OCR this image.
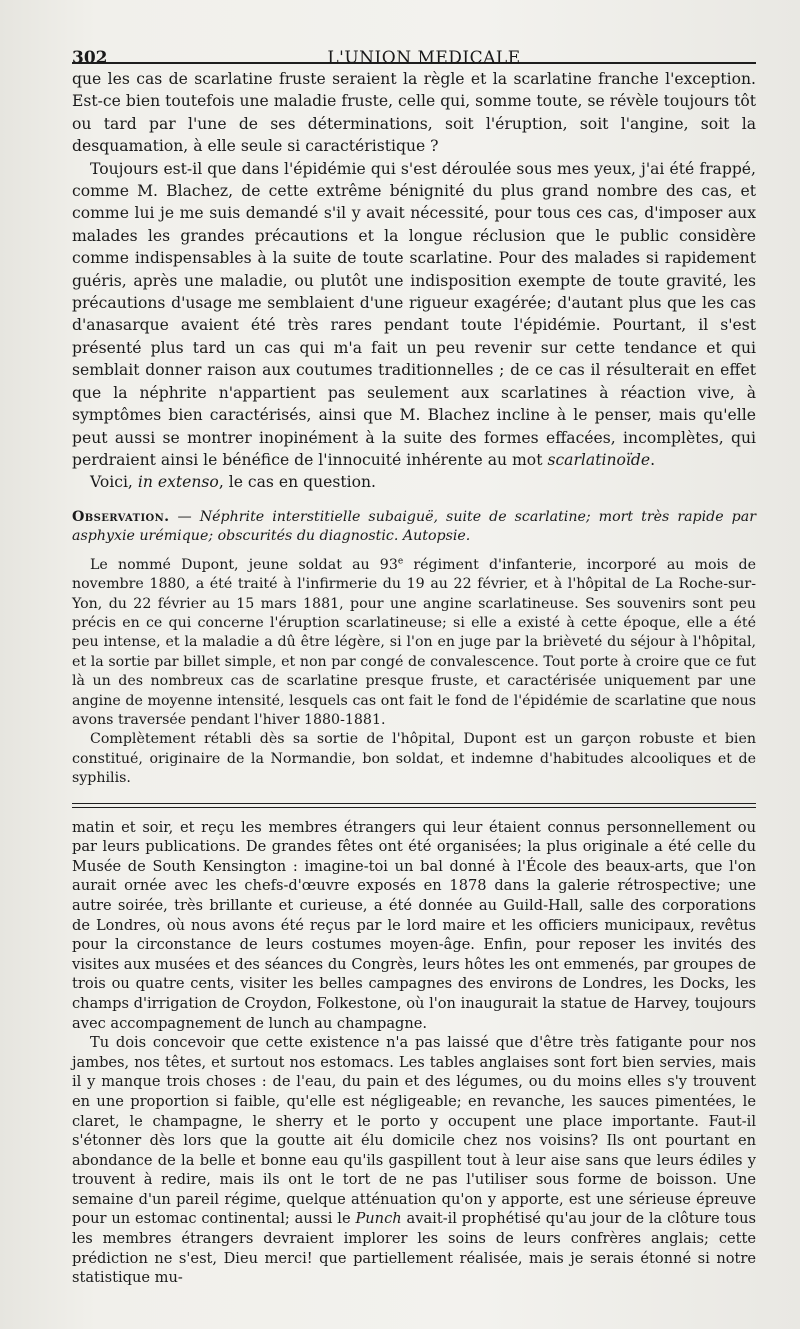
302	L'UNION MEDICALE

que les cas de scarlatine fruste seraient la règle et la scarlatine franche l'exception. Est-ce bien toutefois une maladie fruste, celle qui, somme toute, se révèle toujours tôt ou tard par l'une de ses déterminations, soit l'éruption, soit l'angine, soit la desquamation, à elle seule si caractéristique ?

Toujours est-il que dans l'épidémie qui s'est déroulée sous mes yeux, j'ai été frappé, comme M. Blachez, de cette extrême bénignité du plus grand nombre des cas, et comme lui je me suis demandé s'il y avait nécessité, pour tous ces cas, d'imposer aux malades les grandes précautions et la longue réclusion que le public considère comme indispensables à la suite de toute scarlatine. Pour des malades si rapidement guéris, après une maladie, ou plutôt une indisposition exempte de toute gravité, les précautions d'usage me semblaient d'une rigueur exagérée; d'autant plus que les cas d'anasarque avaient été très rares pendant toute l'épidémie. Pourtant, il s'est présenté plus tard un cas qui m'a fait un peu revenir sur cette tendance et qui semblait donner raison aux coutumes traditionnelles ; de ce cas il résulterait en effet que la néphrite n'appartient pas seulement aux scarlatines à réaction vive, à symptômes bien caractérisés, ainsi que M. Blachez incline à le penser, mais qu'elle peut aussi se montrer inopinément à la suite des formes effacées, incomplètes, qui perdraient ainsi le bénéfice de l'innocuité inhérente au mot scarlatinoïde.

Voici, in extenso, le cas en question.

Observation. — Néphrite interstitielle subaiguë, suite de scarlatine; mort très rapide par asphyxie urémique; obscurités du diagnostic. Autopsie.

Le nommé Dupont, jeune soldat au 93e régiment d'infanterie, incorporé au mois de novembre 1880, a été traité à l'infirmerie du 19 au 22 février, et à l'hôpital de La Roche-sur-Yon, du 22 février au 15 mars 1881, pour une angine scarlatineuse. Ses souvenirs sont peu précis en ce qui concerne l'éruption scarlatineuse; si elle a existé à cette époque, elle a été peu intense, et la maladie a dû être légère, si l'on en juge par la brièveté du séjour à l'hôpital, et la sortie par billet simple, et non par congé de convalescence. Tout porte à croire que ce fut là un des nombreux cas de scarlatine presque fruste, et caractérisée uniquement par une angine de moyenne intensité, lesquels cas ont fait le fond de l'épidémie de scarlatine que nous avons traversée pendant l'hiver 1880-1881.

Complètement rétabli dès sa sortie de l'hôpital, Dupont est un garçon robuste et bien constitué, originaire de la Normandie, bon soldat, et indemne d'habitudes alcooliques et de syphilis.

matin et soir, et reçu les membres étrangers qui leur étaient connus personnellement ou par leurs publications. De grandes fêtes ont été organisées; la plus originale a été celle du Musée de South Kensington : imagine-toi un bal donné à l'École des beaux-arts, que l'on aurait ornée avec les chefs-d'œuvre exposés en 1878 dans la galerie rétrospective; une autre soirée, très brillante et curieuse, a été donnée au Guild-Hall, salle des corporations de Londres, où nous avons été reçus par le lord maire et les officiers municipaux, revêtus pour la circonstance de leurs costumes moyen-âge. Enfin, pour reposer les invités des visites aux musées et des séances du Congrès, leurs hôtes les ont emmenés, par groupes de trois ou quatre cents, visiter les belles campagnes des environs de Londres, les Docks, les champs d'irrigation de Croydon, Folkestone, où l'on inaugurait la statue de Harvey, toujours avec accompagnement de lunch au champagne.

Tu dois concevoir que cette existence n'a pas laissé que d'être très fatigante pour nos jambes, nos têtes, et surtout nos estomacs. Les tables anglaises sont fort bien servies, mais il y manque trois choses : de l'eau, du pain et des légumes, ou du moins elles s'y trouvent en une proportion si faible, qu'elle est négligeable; en revanche, les sauces pimentées, le claret, le champagne, le sherry et le porto y occupent une place importante. Faut-il s'étonner dès lors que la goutte ait élu domicile chez nos voisins? Ils ont pourtant en abondance de la belle et bonne eau qu'ils gaspillent tout à leur aise sans que leurs édiles y trouvent à redire, mais ils ont le tort de ne pas l'utiliser sous forme de boisson. Une semaine d'un pareil régime, quelque atténuation qu'on y apporte, est une sérieuse épreuve pour un estomac continental; aussi le Punch avait-il prophétisé qu'au jour de la clôture tous les membres étrangers devraient implorer les soins de leurs confrères anglais; cette prédiction ne s'est, Dieu merci! que partiellement réalisée, mais je serais étonné si notre statistique mu-
